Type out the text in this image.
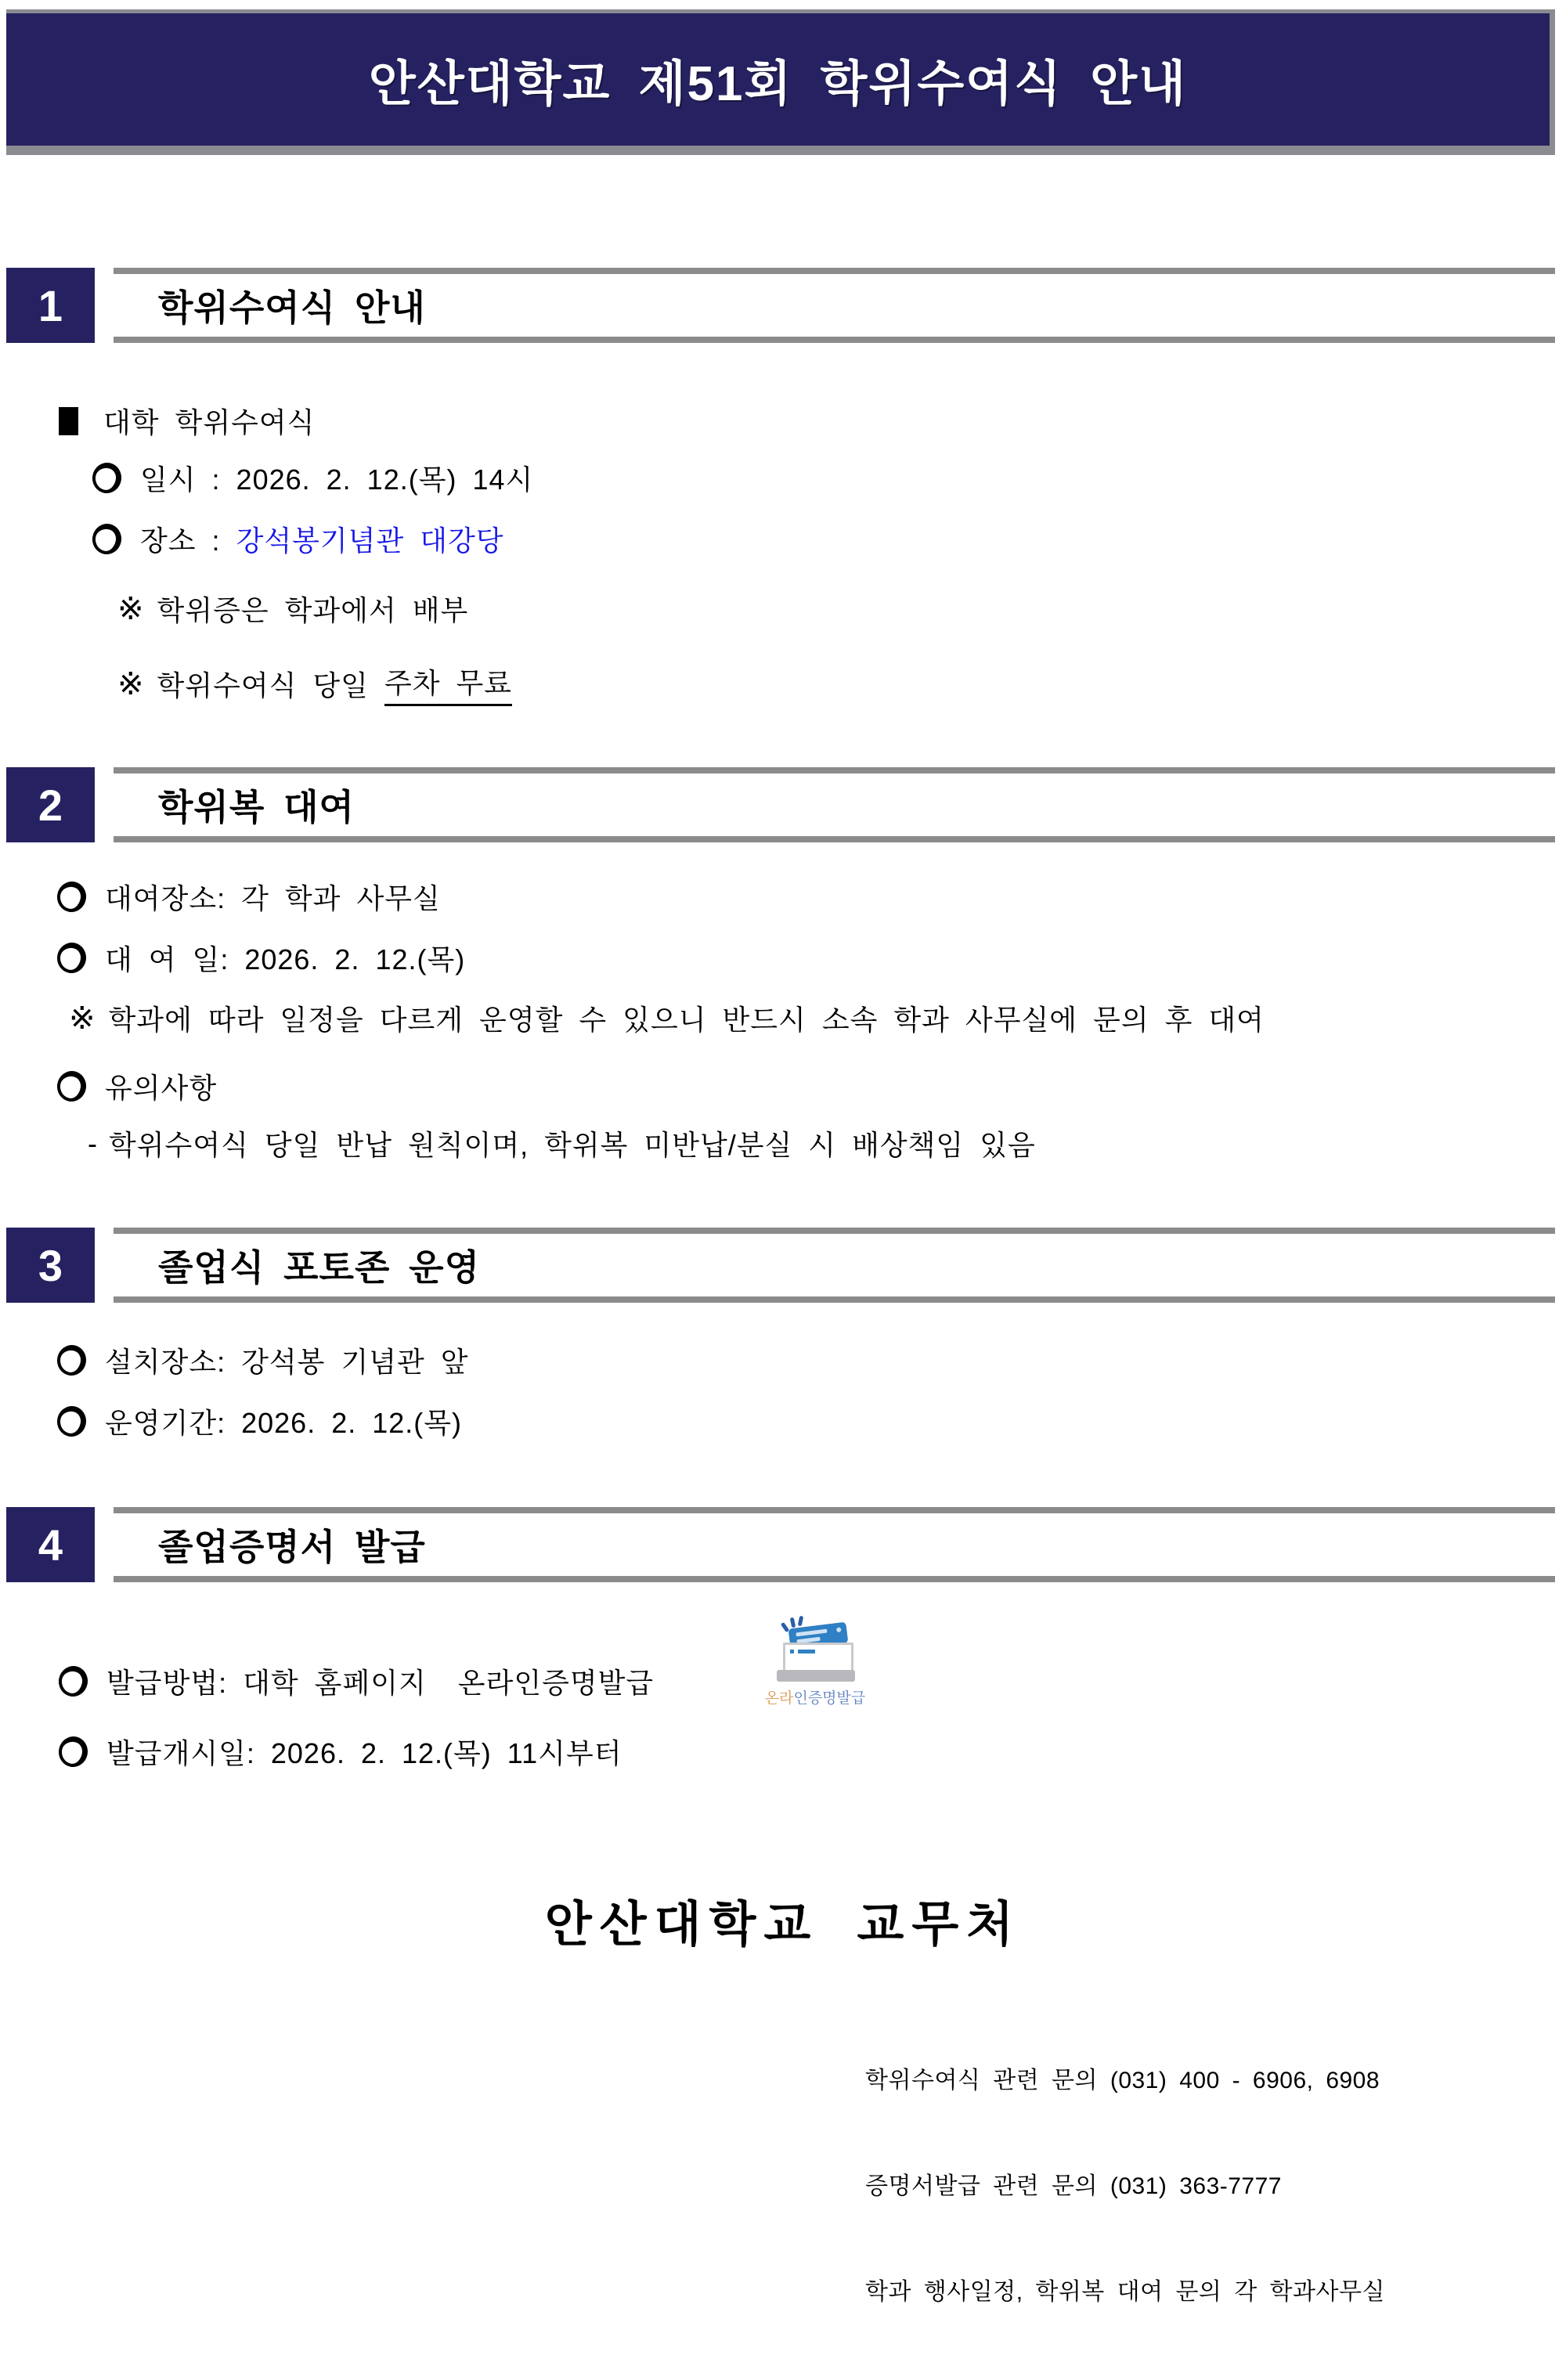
안산대학교 제51회 학위수여식 안내
1	학위수여식 안내
대학 학위수여식
일시 : 2026. 2. 12.(목) 14시
장소 : 강석봉기념관 대강당
※ 학위증은 학과에서 배부
※ 학위수여식 당일 주차 무료
2	학위복 대여
대여장소: 각 학과 사무실
대 여 일: 2026. 2. 12.(목)
※ 학과에 따라 일정을 다르게 운영할 수 있으니 반드시 소속 학과 사무실에 문의 후 대여
유의사항
- 학위수여식 당일 반납 원칙이며, 학위복 미반납/분실 시 배상책임 있음
3	졸업식 포토존 운영
설치장소: 강석봉 기념관 앞
운영기간: 2026. 2. 12.(목)
4	졸업증명서 발급
발급방법: 대학 홈페이지  온라인증명발급	온라인증명발급
발급개시일: 2026. 2. 12.(목) 11시부터
안산대학교 교무처

학위수여식 관련 문의 (031) 400 - 6906, 6908

증명서발급 관련 문의 (031) 363-7777

학과 행사일정, 학위복 대여 문의 각 학과사무실
